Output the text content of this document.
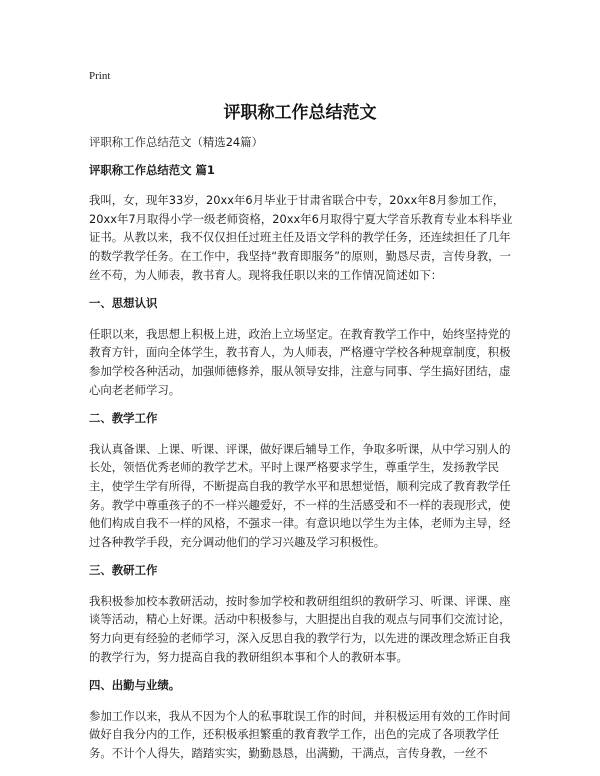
Print
评职称工作总结范文

评职称工作总结范文（精选24篇）

评职称工作总结范文 篇1

我叫，女，现年33岁，20xx年6月毕业于甘肃省联合中专，20xx年8月参加工作，20xx年7月取得小学一级老师资格，20xx年6月取得宁夏大学音乐教育专业本科毕业证书。从教以来，我不仅仅担任过班主任及语文学科的教学任务，还连续担任了几年的数学教学任务。在工作中，我坚持“教育即服务”的原则，勤恳尽责，言传身教，一丝不苟，为人师表，教书育人。现将我任职以来的工作情况简述如下：

一、思想认识

任职以来，我思想上积极上进，政治上立场坚定。在教育教学工作中，始终坚持党的教育方针，面向全体学生，教书育人，为人师表，严格遵守学校各种规章制度，积极参加学校各种活动，加强师德修养，服从领导安排，注意与同事、学生搞好团结，虚心向老老师学习。

二、教学工作

我认真备课、上课、听课、评课，做好课后辅导工作，争取多听课，从中学习别人的长处，领悟优秀老师的教学艺术。平时上课严格要求学生，尊重学生，发扬教学民主，使学生学有所得，不断提高自我的教学水平和思想觉悟，顺利完成了教育教学任务。教学中尊重孩子的不一样兴趣爱好，不一样的生活感受和不一样的表现形式，使他们构成自我不一样的风格，不强求一律。有意识地以学生为主体，老师为主导，经过各种教学手段，充分调动他们的学习兴趣及学习积极性。

三、教研工作

我积极参加校本教研活动，按时参加学校和教研组组织的教研学习、听课、评课、座谈等活动，精心上好课。活动中积极参与，大胆提出自我的观点与同事们交流讨论，努力向更有经验的老师学习，深入反思自我的教学行为，以先进的课改理念矫正自我的教学行为，努力提高自我的教研组织本事和个人的教研本事。

四、出勤与业绩。

参加工作以来，我从不因为个人的私事耽误工作的时间，并积极运用有效的工作时间做好自我分内的工作，还积极承担繁重的教育教学工作，出色的完成了各项教学任务。不计个人得失，踏踏实实，勤勤恳恳，出满勤，干满点，言传身教，一丝不
